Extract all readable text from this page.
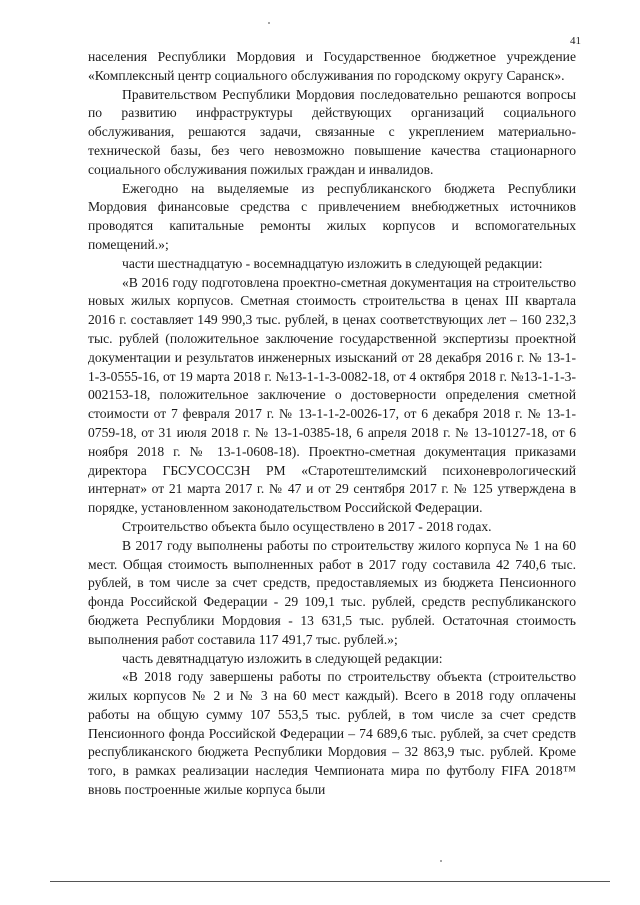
41

населения Республики Мордовия и Государственное бюджетное учреждение «Комплексный центр социального обслуживания по городскому округу Саранск».

Правительством Республики Мордовия последовательно решаются вопросы по развитию инфраструктуры действующих организаций социального обслуживания, решаются задачи, связанные с укреплением материально-технической базы, без чего невозможно повышение качества стационарного социального обслуживания пожилых граждан и инвалидов.

Ежегодно на выделяемые из республиканского бюджета Республики Мордовия финансовые средства с привлечением внебюджетных источников проводятся капитальные ремонты жилых корпусов и вспомогательных помещений.»;

части шестнадцатую - восемнадцатую изложить в следующей редакции:

«В 2016 году подготовлена проектно-сметная документация на строительство новых жилых корпусов. Сметная стоимость строительства в ценах III квартала 2016 г. составляет 149 990,3 тыс. рублей, в ценах соответствующих лет – 160 232,3 тыс. рублей (положительное заключение государственной экспертизы проектной документации и результатов инженерных изысканий от 28 декабря 2016 г. № 13-1-1-3-0555-16, от 19 марта 2018 г. №13-1-1-3-0082-18, от 4 октября 2018 г. №13-1-1-3-002153-18, положительное заключение о достоверности определения сметной стоимости от 7 февраля 2017 г. № 13-1-1-2-0026-17, от 6 декабря 2018 г. № 13-1-0759-18, от 31 июля 2018 г. № 13-1-0385-18, 6 апреля 2018 г. № 13-10127-18, от 6 ноября 2018 г. № 13-1-0608-18). Проектно-сметная документация приказами директора ГБСУСОССЗН РМ «Старотештелимский психоневрологический интернат» от 21 марта 2017 г. № 47 и от 29 сентября 2017 г. № 125 утверждена в порядке, установленном законодательством Российской Федерации.

Строительство объекта было осуществлено в 2017 - 2018 годах.

В 2017 году выполнены работы по строительству жилого корпуса № 1 на 60 мест. Общая стоимость выполненных работ в 2017 году составила 42 740,6 тыс. рублей, в том числе за счет средств, предоставляемых из бюджета Пенсионного фонда Российской Федерации - 29 109,1 тыс. рублей, средств республиканского бюджета Республики Мордовия - 13 631,5 тыс. рублей. Остаточная стоимость выполнения работ составила 117 491,7 тыс. рублей.»;

часть девятнадцатую изложить в следующей редакции:

«В 2018 году завершены работы по строительству объекта (строительство жилых корпусов № 2 и № 3 на 60 мест каждый). Всего в 2018 году оплачены работы на общую сумму 107 553,5 тыс. рублей, в том числе за счет средств Пенсионного фонда Российской Федерации – 74 689,6 тыс. рублей, за счет средств республиканского бюджета Республики Мордовия – 32 863,9 тыс. рублей. Кроме того, в рамках реализации наследия Чемпионата мира по футболу FIFA 2018™ вновь построенные жилые корпуса были
